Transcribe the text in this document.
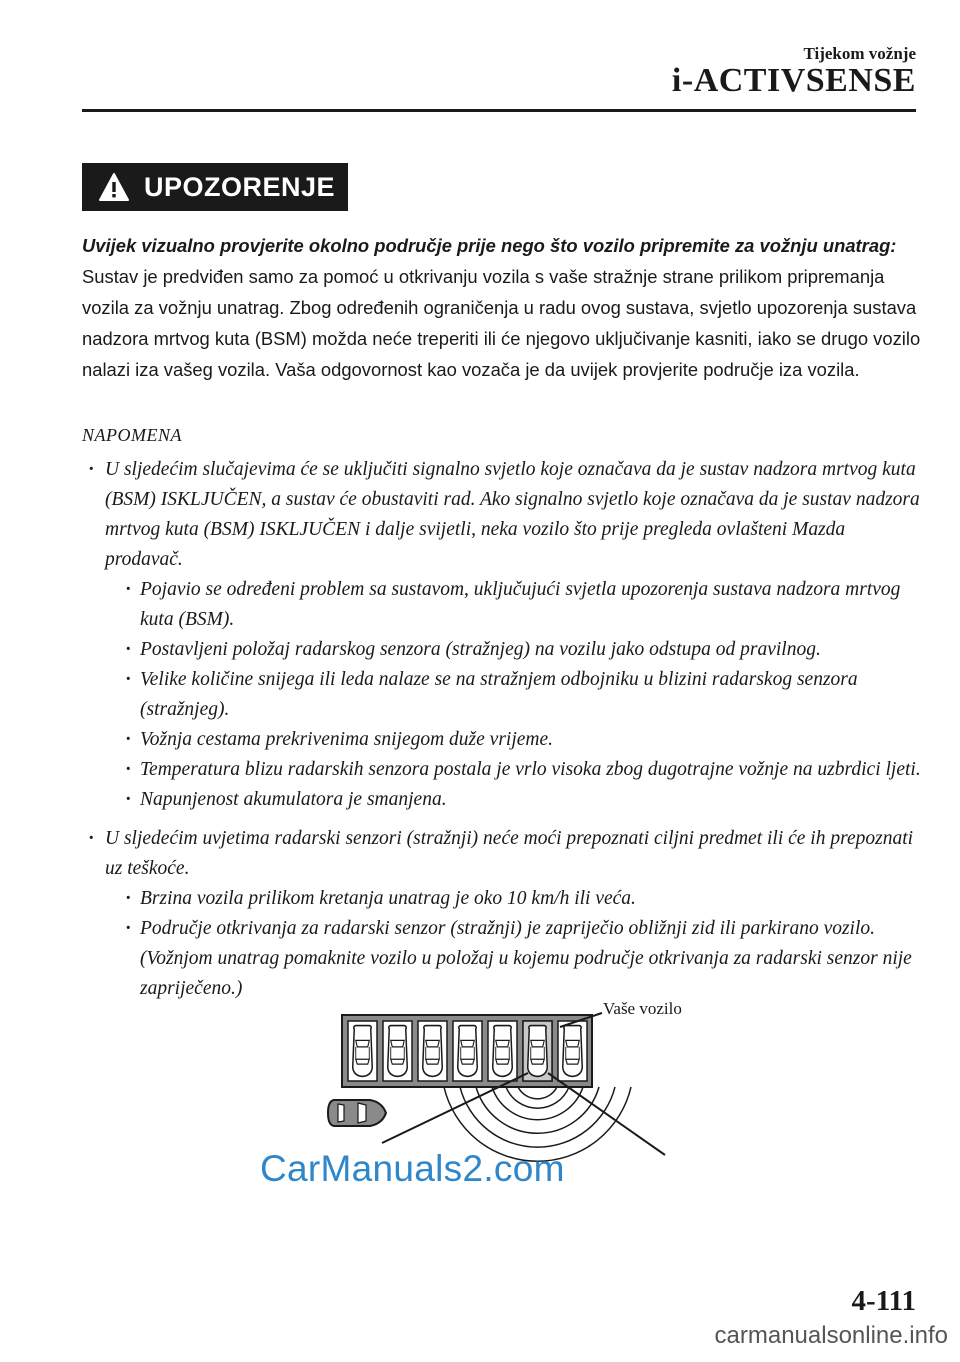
Tijekom vožnje
i-ACTIVSENSE
UPOZORENJE

Uvijek vizualno provjerite okolno područje prije nego što vozilo pripremite za vožnju unatrag: Sustav je predviđen samo za pomoć u otkrivanju vozila s vaše stražnje strane prilikom pripremanja vozila za vožnju unatrag. Zbog određenih ograničenja u radu ovog sustava, svjetlo upozorenja sustava nadzora mrtvog kuta (BSM) možda neće treperiti ili će njegovo uključivanje kasniti, iako se drugo vozilo nalazi iza vašeg vozila. Vaša odgovornost kao vozača je da uvijek provjerite područje iza vozila.

NAPOMENA
· U sljedećim slučajevima će se uključiti signalno svjetlo koje označava da je sustav nadzora mrtvog kuta (BSM) ISKLJUČEN, a sustav će obustaviti rad. Ako signalno svjetlo koje označava da je sustav nadzora mrtvog kuta (BSM) ISKLJUČEN i dalje svijetli, neka vozilo što prije pregleda ovlašteni Mazda prodavač.
· Pojavio se određeni problem sa sustavom, uključujući svjetla upozorenja sustava nadzora mrtvog kuta (BSM).
· Postavljeni položaj radarskog senzora (stražnjeg) na vozilu jako odstupa od pravilnog.
· Velike količine snijega ili leda nalaze se na stražnjem odbojniku u blizini radarskog senzora (stražnjeg).
· Vožnja cestama prekrivenima snijegom duže vrijeme.
· Temperatura blizu radarskih senzora postala je vrlo visoka zbog dugotrajne vožnje na uzbrdici ljeti.
· Napunjenost akumulatora je smanjena.
· U sljedećim uvjetima radarski senzori (stražnji) neće moći prepoznati ciljni predmet ili će ih prepoznati uz teškoće.
· Brzina vozila prilikom kretanja unatrag je oko 10 km/h ili veća.
· Područje otkrivanja za radarski senzor (stražnji) je zapriječio obližnji zid ili parkirano vozilo. (Vožnjom unatrag pomaknite vozilo u položaj u kojemu područje otkrivanja za radarski senzor nije zapriječeno.)
Vaše vozilo
CarManuals2.com
4-111
carmanualsonline.info
